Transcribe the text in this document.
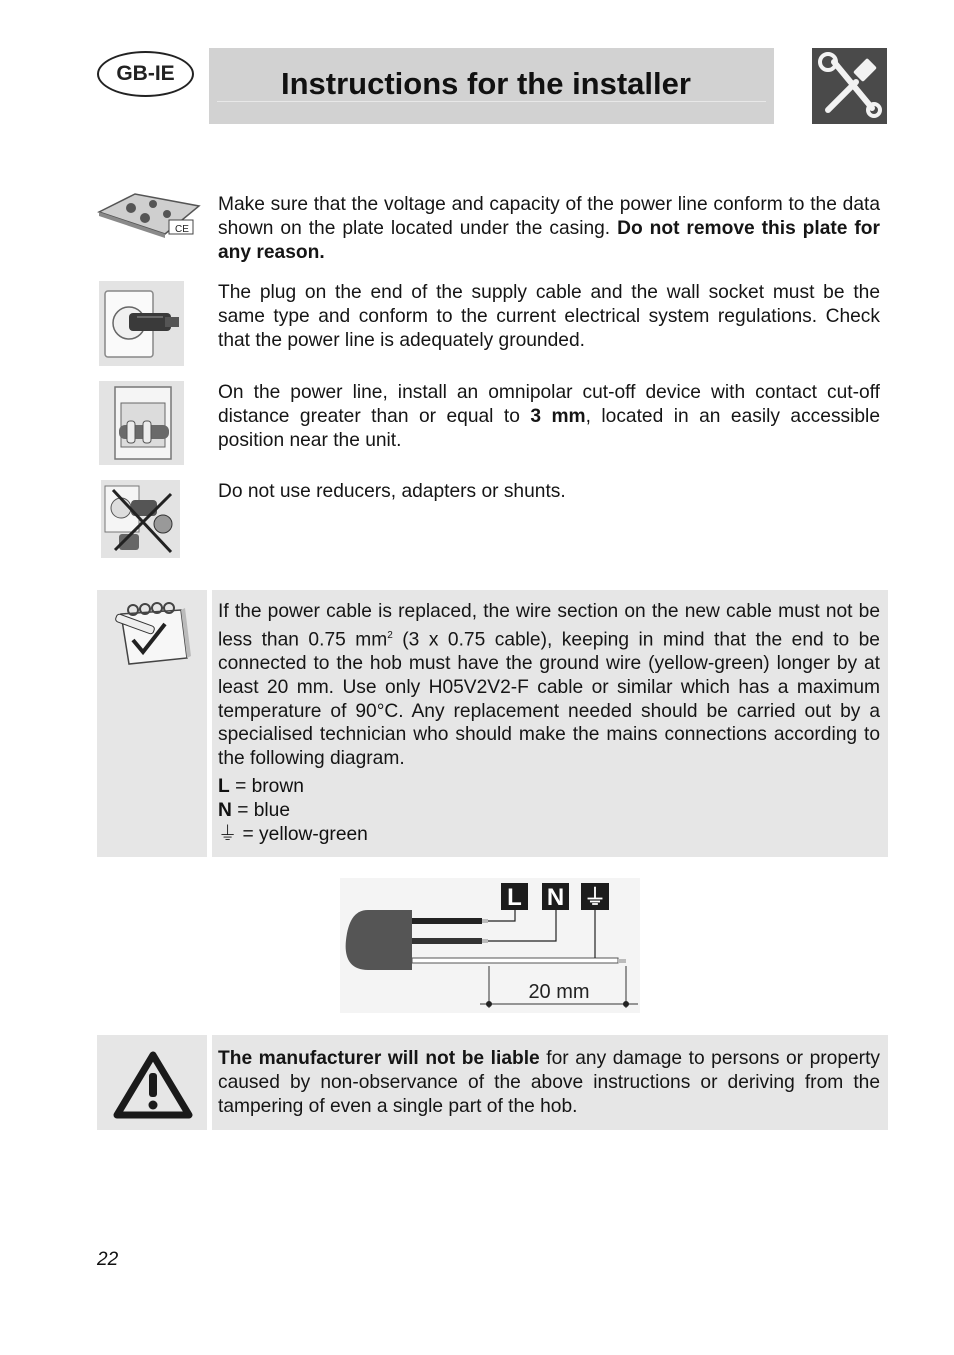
GB-IE	Instructions for the installer
CE
Make sure that the voltage and capacity of the power line conform to the data shown on the plate located under the casing. Do not remove this plate for any reason.
The plug on the end of the supply cable and the wall socket must be the same type and conform to the current electrical system regulations. Check that the power line is adequately grounded.
On the power line, install an omnipolar cut-off device with contact cut-off distance greater than or equal to 3 mm, located in an easily accessible position near the unit.
Do not use reducers, adapters or shunts.
If the power cable is replaced, the wire section on the new cable must not be less than 0.75 $mm^2$ (3 x 0.75 cable), keeping in mind that the end to be connected to the hob must have the ground wire (yellow-green) longer by at least 20 mm. Use only H05V2V2-F cable or similar which has a maximum temperature of 90°C. Any replacement needed should be carried out by a specialised technician who should make the mains connections according to the following diagram.
L = brown
N = blue
⏚ = yellow-green
L N ⏚
20 mm
The manufacturer will not be liable for any damage to persons or property caused by non-observance of the above instructions or deriving from the tampering of even a single part of the hob.
22
